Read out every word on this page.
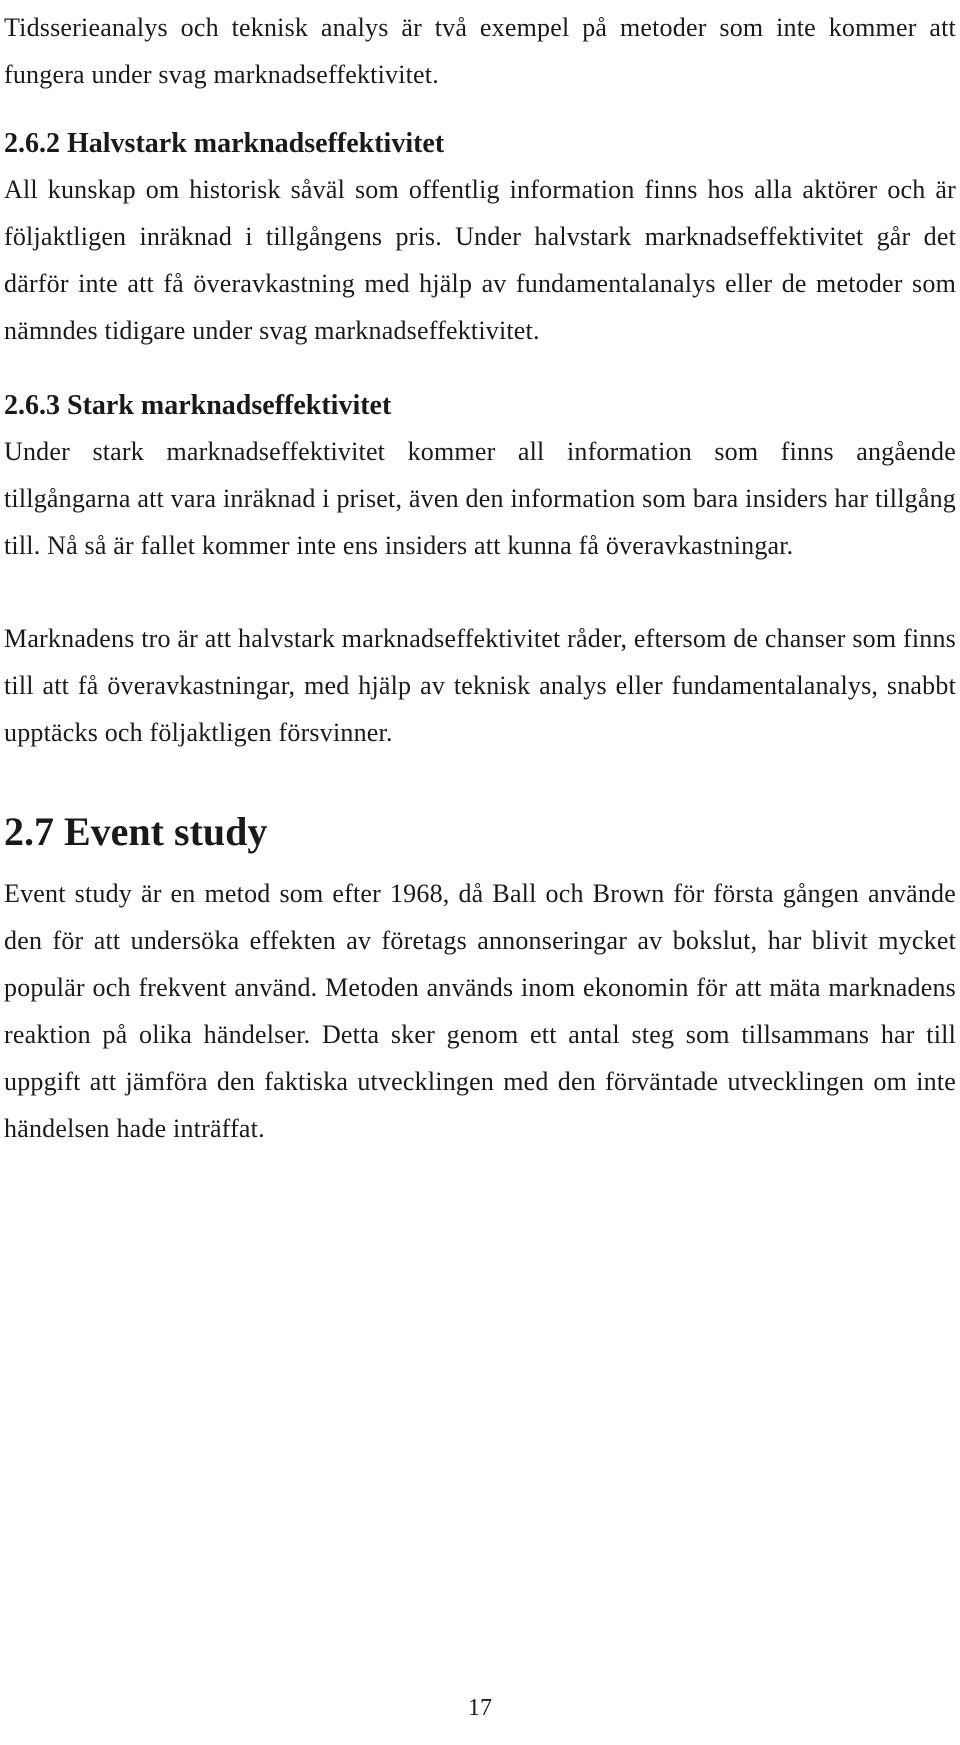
Tidsserieanalys och teknisk analys är två exempel på metoder som inte kommer att fungera under svag marknadseffektivitet.

2.6.2 Halvstark marknadseffektivitet

All kunskap om historisk såväl som offentlig information finns hos alla aktörer och är följaktligen inräknad i tillgångens pris. Under halvstark marknadseffektivitet går det därför inte att få överavkastning med hjälp av fundamentalanalys eller de metoder som nämndes tidigare under svag marknadseffektivitet.

2.6.3 Stark marknadseffektivitet

Under stark marknadseffektivitet kommer all information som finns angående tillgångarna att vara inräknad i priset, även den information som bara insiders har tillgång till. Nå så är fallet kommer inte ens insiders att kunna få överavkastningar.

Marknadens tro är att halvstark marknadseffektivitet råder, eftersom de chanser som finns till att få överavkastningar, med hjälp av teknisk analys eller fundamentalanalys, snabbt upptäcks och följaktligen försvinner.

2.7 Event study

Event study är en metod som efter 1968, då Ball och Brown för första gången använde den för att undersöka effekten av företags annonseringar av bokslut, har blivit mycket populär och frekvent använd. Metoden används inom ekonomin för att mäta marknadens reaktion på olika händelser. Detta sker genom ett antal steg som tillsammans har till uppgift att jämföra den faktiska utvecklingen med den förväntade utvecklingen om inte händelsen hade inträffat.

17
